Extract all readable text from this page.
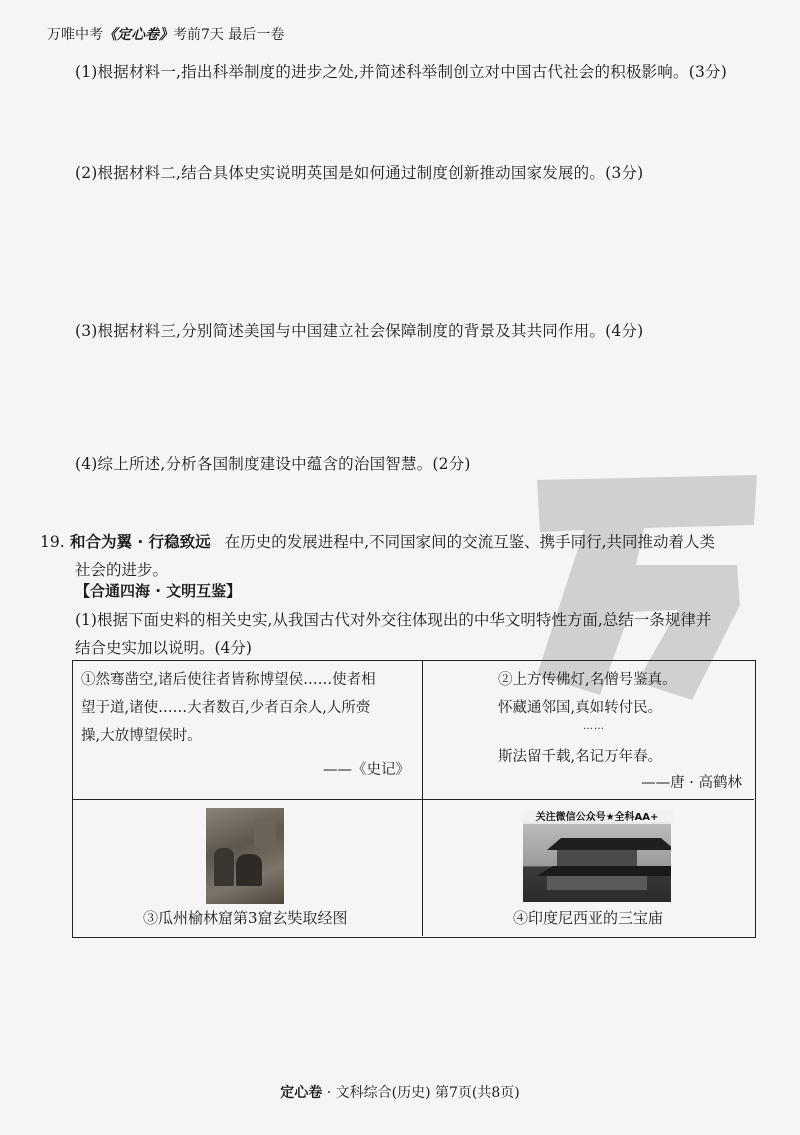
万唯中考《定心卷》考前7天 最后一卷
(1)根据材料一,指出科举制度的进步之处,并简述科举制创立对中国古代社会的积极影响。(3分)
(2)根据材料二,结合具体史实说明英国是如何通过制度创新推动国家发展的。(3分)
(3)根据材料三,分别简述美国与中国建立社会保障制度的背景及其共同作用。(4分)
(4)综上所述,分析各国制度建设中蕴含的治国智慧。(2分)
19. 和合为翼 · 行稳致远 在历史的发展进程中,不同国家间的交流互鉴、携手同行,共同推动着人类
社会的进步。
【合通四海 · 文明互鉴】
(1)根据下面史料的相关史实,从我国古代对外交往体现出的中华文明特性方面,总结一条规律并
结合史实加以说明。(4分)
①然骞凿空,诸后使往者皆称博望侯……使者相
望于道,诸使……大者数百,少者百余人,人所赍
操,大放博望侯时。
——《史记》
②上方传佛灯,名僧号鉴真。
怀藏通邻国,真如转付民。
……
斯法留千载,名记万年春。
——唐 · 高鹤林
③瓜州榆林窟第3窟玄奘取经图
关注微信公众号★全科AA+
④印度尼西亚的三宝庙
定心卷 · 文科综合(历史) 第7页(共8页)
